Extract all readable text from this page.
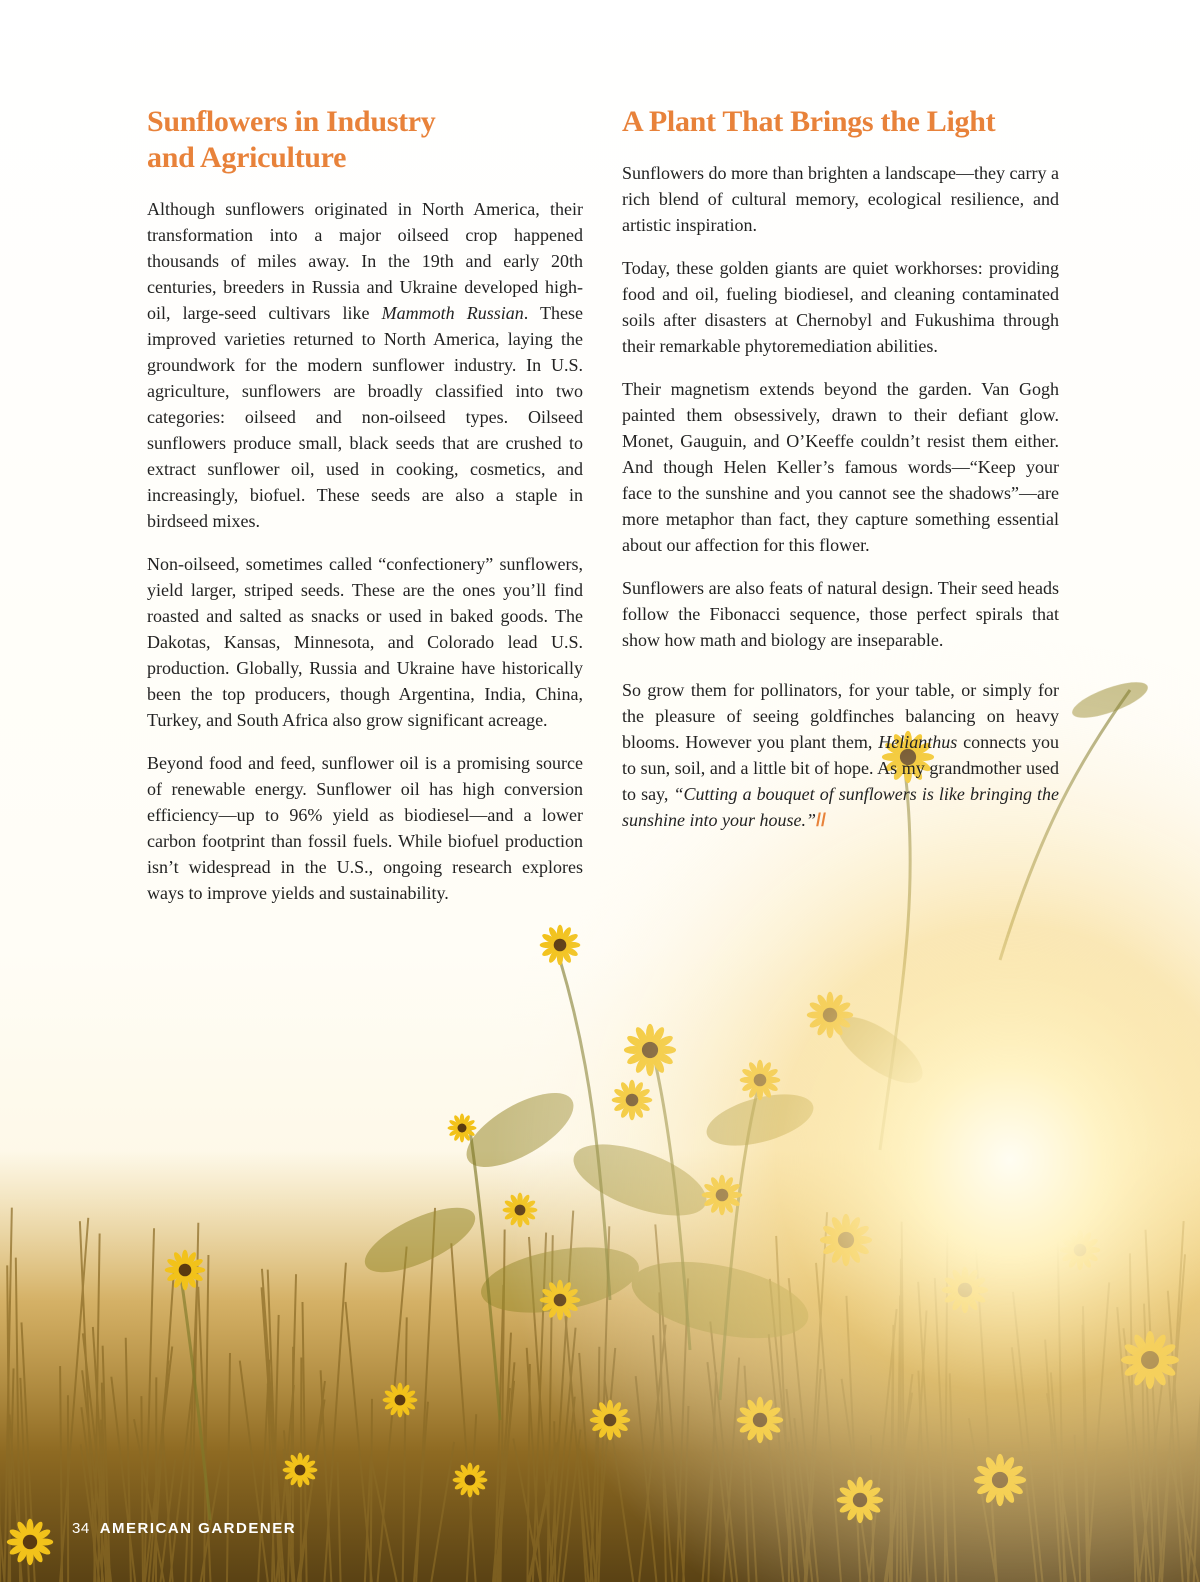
Sunflowers in Industry
and Agriculture

Although sunflowers originated in North America, their transformation into a major oilseed crop happened thousands of miles away. In the 19th and early 20th centuries, breeders in Russia and Ukraine developed high-oil, large-seed cultivars like Mammoth Russian. These improved varieties returned to North America, laying the groundwork for the modern sunflower industry. In U.S. agriculture, sunflowers are broadly classified into two categories: oilseed and non-oilseed types. Oilseed sunflowers produce small, black seeds that are crushed to extract sunflower oil, used in cooking, cosmetics, and increasingly, biofuel. These seeds are also a staple in birdseed mixes.

Non-oilseed, sometimes called “confectionery” sunflowers, yield larger, striped seeds. These are the ones you’ll find roasted and salted as snacks or used in baked goods. The Dakotas, Kansas, Minnesota, and Colorado lead U.S. production. Globally, Russia and Ukraine have historically been the top producers, though Argentina, India, China, Turkey, and South Africa also grow significant acreage.

Beyond food and feed, sunflower oil is a promising source of renewable energy. Sunflower oil has high conversion efficiency—up to 96% yield as biodiesel—and a lower carbon footprint than fossil fuels. While biofuel production isn’t widespread in the U.S., ongoing research explores ways to improve yields and sustainability.

A Plant That Brings the Light

Sunflowers do more than brighten a landscape—they carry a rich blend of cultural memory, ecological resilience, and artistic inspiration.

Today, these golden giants are quiet workhorses: providing food and oil, fueling biodiesel, and cleaning contaminated soils after disasters at Chernobyl and Fukushima through their remarkable phytoremediation abilities.

Their magnetism extends beyond the garden. Van Gogh painted them obsessively, drawn to their defiant glow. Monet, Gauguin, and O’Keeffe couldn’t resist them either. And though Helen Keller’s famous words—“Keep your face to the sunshine and you cannot see the shadows”—are more metaphor than fact, they capture something essential about our affection for this flower.

Sunflowers are also feats of natural design. Their seed heads follow the Fibonacci sequence, those perfect spirals that show how math and biology are inseparable.

So grow them for pollinators, for your table, or simply for the pleasure of seeing goldfinches balancing on heavy blooms. However you plant them, Helianthus connects you to sun, soil, and a little bit of hope. As my grandmother used to say, “Cutting a bouquet of sunflowers is like bringing the sunshine into your house.”//

34 AMERICAN GARDENER
